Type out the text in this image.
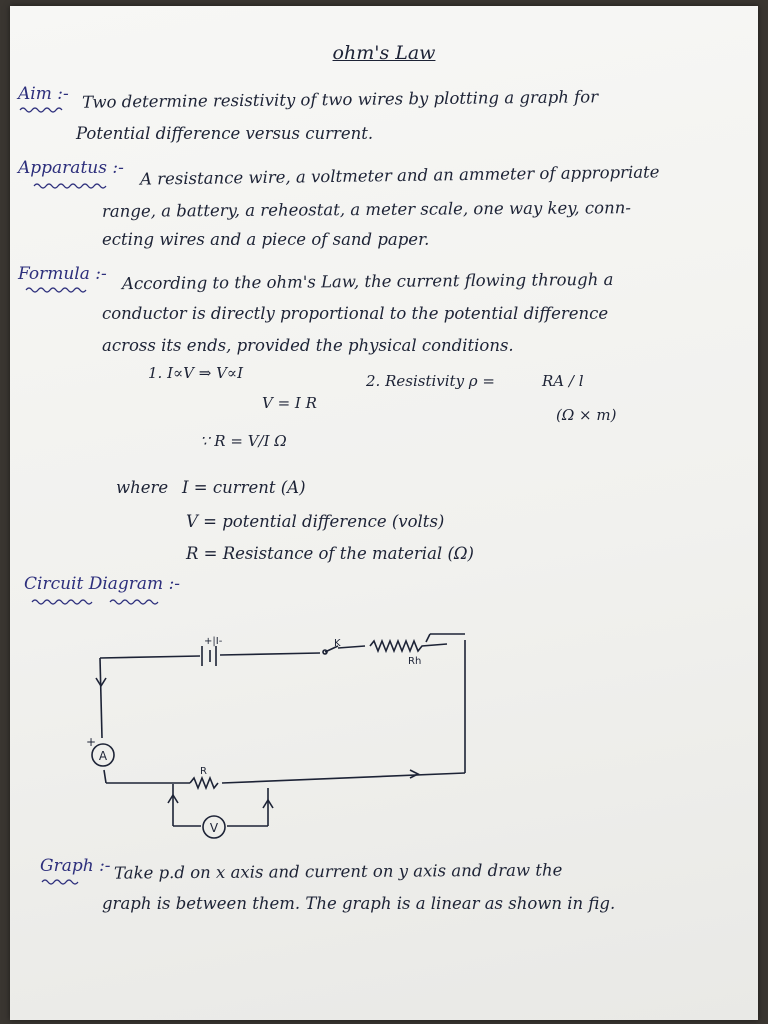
ohm's Law
Aim :- Two determine resistivity of two wires by plotting a graph for
Potential difference versus current.
Apparatus :- A resistance wire, a voltmeter and an ammeter of appropriate
range, a battery, a reheostat, a meter scale, one way key, conn-
ecting wires and a piece of sand paper.
Formula :- According to the ohm's Law, the current flowing through a
conductor is directly proportional to the potential difference
across its ends, provided the physical conditions.
1. I∝V ⇒ V∝I
V = I R
∵ R = V/I Ω
2. Resistivity ρ =	RA / l
(Ω × m)
where I = current (A)
V = potential difference (volts)
R = Resistance of the material (Ω)
Circuit Diagram :-
A
V
+|I-	K
Rh
R
+
Graph :- Take p.d on x axis and current on y axis and draw the
graph is between them. The graph is a linear as shown in fig.
